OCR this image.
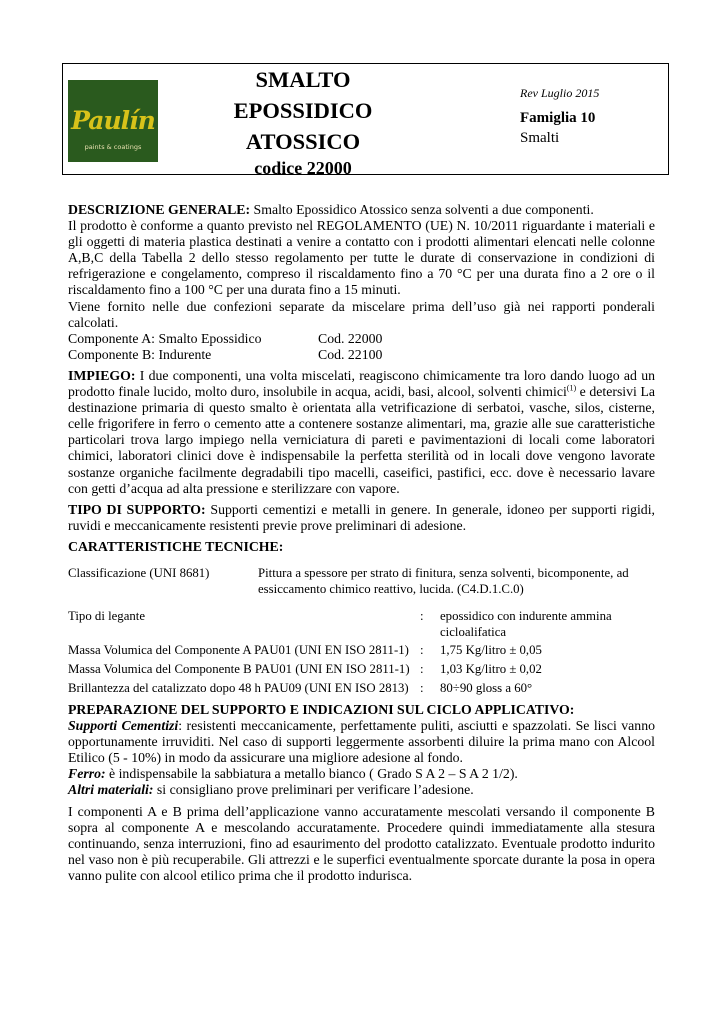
Paulín
paints & coatings
SMALTO
EPOSSIDICO
ATOSSICO
codice 22000
Rev Luglio 2015
Famiglia 10
Smalti

DESCRIZIONE GENERALE: Smalto Epossidico Atossico senza solventi a due componenti.

Il prodotto è conforme a quanto previsto nel REGOLAMENTO (UE) N. 10/2011 riguardante i materiali e gli oggetti di materia plastica destinati a venire a contatto con i prodotti alimentari elencati nelle colonne A,B,C della Tabella 2 dello stesso regolamento per tutte le durate di conservazione in condizioni di refrigerazione e congelamento, compreso il riscaldamento fino a 70 °C per una durata fino a 2 ore o il riscaldamento fino a 100 °C per una durata fino a 15 minuti.

Viene fornito nelle due confezioni separate da miscelare prima dell’uso già nei rapporti ponderali calcolati.

Componente A: Smalto Epossidico	Cod. 22000
Componente B: Indurente	Cod. 22100

IMPIEGO: I due componenti, una volta miscelati, reagiscono chimicamente tra loro dando luogo ad un prodotto finale lucido, molto duro, insolubile in acqua, acidi, basi, alcool, solventi chimici$^{(1)}$ e detersivi La destinazione primaria di questo smalto è orientata alla vetrificazione di serbatoi, vasche, silos, cisterne, celle frigorifere in ferro o cemento atte a contenere sostanze alimentari, ma, grazie alle sue caratteristiche particolari trova largo impiego nella verniciatura di pareti e pavimentazioni di locali come laboratori chimici, laboratori clinici dove è indispensabile la perfetta sterilità od in locali dove vengono lavorate sostanze organiche facilmente degradabili tipo macelli, caseifici, pastifici, ecc. dove è necessario lavare con getti d’acqua ad alta pressione e sterilizzare con vapore.

TIPO DI SUPPORTO: Supporti cementizi e metalli in genere. In generale, idoneo per supporti rigidi, ruvidi e meccanicamente resistenti previe prove preliminari di adesione.

CARATTERISTICHE TECNICHE:

Classificazione (UNI 8681)	Pittura a spessore per strato di finitura, senza solventi, bicomponente, ad essiccamento chimico reattivo, lucida. (C4.D.1.C.0)
Tipo di legante	:	epossidico con indurente ammina cicloalifatica
Massa Volumica del Componente A PAU01 (UNI EN ISO 2811-1) :	1,75 Kg/litro ± 0,05
Massa Volumica del Componente B PAU01 (UNI EN ISO 2811-1) :	1,03 Kg/litro ± 0,02
Brillantezza del catalizzato dopo 48 h PAU09 (UNI EN ISO 2813) :	80÷90 gloss a 60°

PREPARAZIONE DEL SUPPORTO E INDICAZIONI SUL CICLO APPLICATIVO:

Supporti Cementizi: resistenti meccanicamente, perfettamente puliti, asciutti e spazzolati. Se lisci vanno opportunamente irruviditi. Nel caso di supporti leggermente assorbenti diluire la prima mano con Alcool Etilico (5 - 10%) in modo da assicurare una migliore adesione al fondo.

Ferro: è indispensabile la sabbiatura a metallo bianco ( Grado S A 2 – S A 2 1/2).

Altri materiali: si consigliano prove preliminari per verificare l’adesione.

I componenti A e B prima dell’applicazione vanno accuratamente mescolati versando il componente B sopra al componente A e mescolando accuratamente. Procedere quindi immediatamente alla stesura continuando, senza interruzioni, fino ad esaurimento del prodotto catalizzato. Eventuale prodotto indurito nel vaso non è più recuperabile. Gli attrezzi e le superfici eventualmente sporcate durante la posa in opera vanno pulite con alcool etilico prima che il prodotto indurisca.
